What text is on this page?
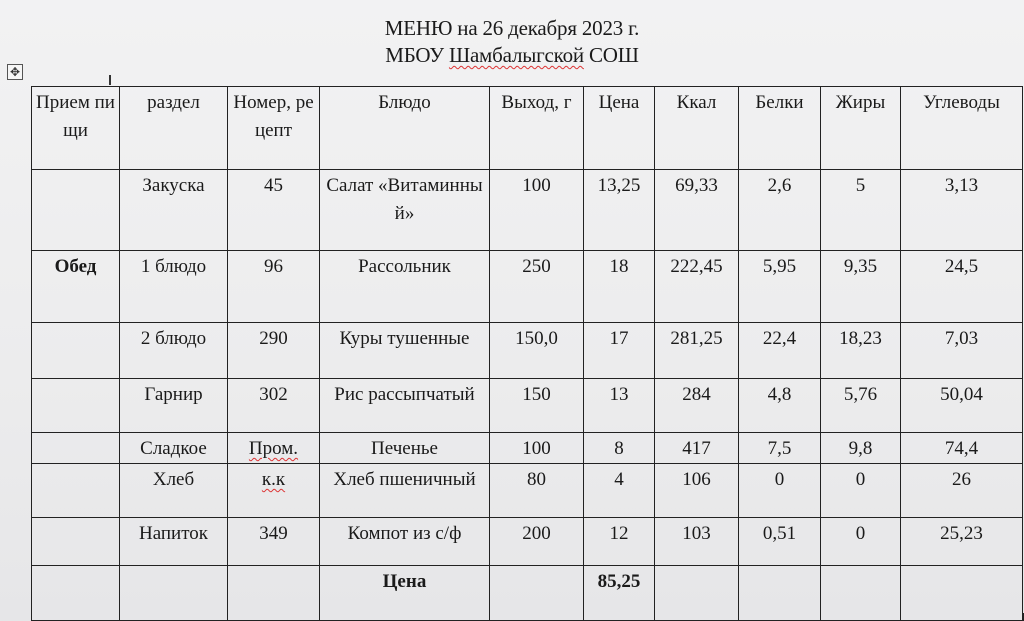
МЕНЮ на 26 декабря 2023 г.
МБОУ Шамбалыгской СОШ
✥
Прием пищи	раздел	Номер, рецепт	Блюдо	Выход, г	Цена	Ккал	Белки	Жиры	Углеводы
	Закуска	45	Салат «Витаминный»	100	13,25	69,33	2,6	5	3,13
Обед	1 блюдо	96	Рассольник	250	18	222,45	5,95	9,35	24,5
	2 блюдо	290	Куры тушенные	150,0	17	281,25	22,4	18,23	7,03
	Гарнир	302	Рис рассыпчатый	150	13	284	4,8	5,76	50,04
	Сладкое	Пром.	Печенье	100	8	417	7,5	9,8	74,4
	Хлеб	к.к	Хлеб пшеничный	80	4	106	0	0	26
	Напиток	349	Компот из с/ф	200	12	103	0,51	0	25,23
			Цена		85,25				
